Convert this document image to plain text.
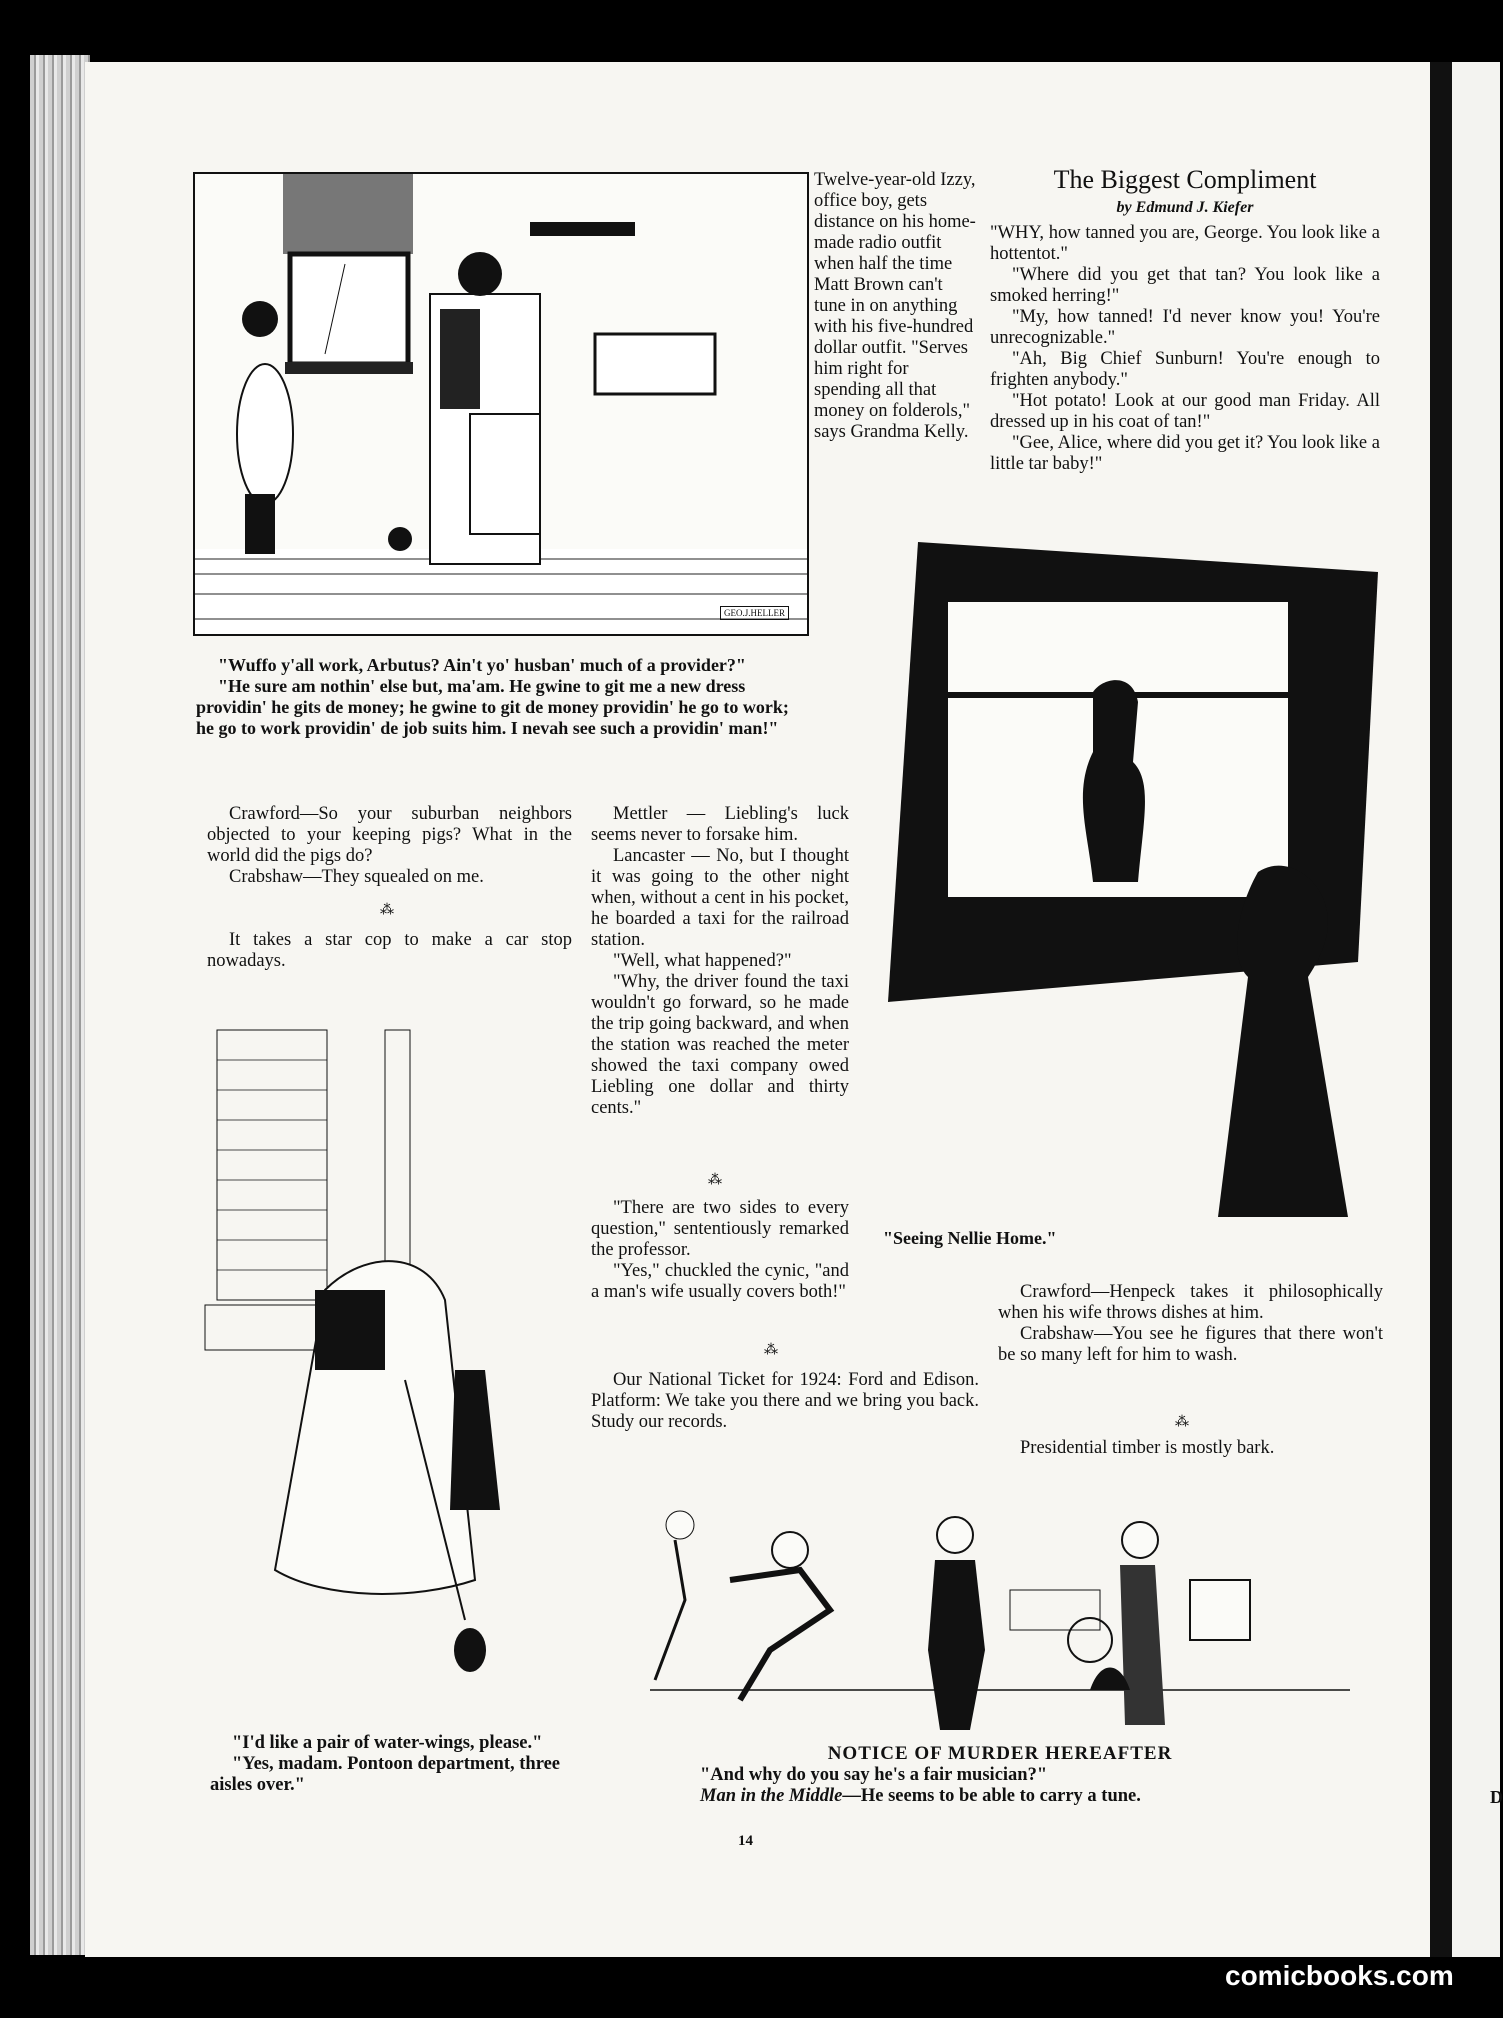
D
GEO.J.HELLER
Twelve-year-old Izzy, office boy, gets distance on his home-made radio outfit when half the time Matt Brown can't tune in on anything with his five-hundred dollar outfit. "Serves him right for spending all that money on folderols," says Grandma Kelly.
The Biggest Compliment
by Edmund J. Kiefer

"WHY, how tanned you are, George. You look like a hottentot."

"Where did you get that tan? You look like a smoked herring!"

"My, how tanned! I'd never know you! You're unrecognizable."

"Ah, Big Chief Sunburn! You're enough to frighten anybody."

"Hot potato! Look at our good man Friday. All dressed up in his coat of tan!"

"Gee, Alice, where did you get it? You look like a little tar baby!"

"Wuffo y'all work, Arbutus? Ain't yo' husban' much of a provider?"

"He sure am nothin' else but, ma'am. He gwine to git me a new dress providin' he gits de money; he gwine to git de money providin' he go to work; he go to work providin' de job suits him. I nevah see such a providin' man!"

"Seeing Nellie Home."

Crawford—So your suburban neighbors objected to your keeping pigs? What in the world did the pigs do?

Crabshaw—They squealed on me.

⁂

It takes a star cop to make a car stop nowadays.

"I'd like a pair of water-wings, please."

"Yes, madam. Pontoon department, three aisles over."

Mettler — Liebling's luck seems never to forsake him.

Lancaster — No, but I thought it was going to the other night when, without a cent in his pocket, he boarded a taxi for the railroad station.

"Well, what happened?"

"Why, the driver found the taxi wouldn't go forward, so he made the trip going backward, and when the station was reached the meter showed the taxi company owed Liebling one dollar and thirty cents."

⁂

"There are two sides to every question," sententiously remarked the professor.

"Yes," chuckled the cynic, "and a man's wife usually covers both!"

⁂

Our National Ticket for 1924: Ford and Edison. Platform: We take you there and we bring you back. Study our records.

Crawford—Henpeck takes it philosophically when his wife throws dishes at him.

Crabshaw—You see he figures that there won't be so many left for him to wash.

⁂

Presidential timber is mostly bark.

NOTICE OF MURDER HEREAFTER
"And why do you say he's a fair musician?"
Man in the Middle—He seems to be able to carry a tune.
14
comicbooks.com
